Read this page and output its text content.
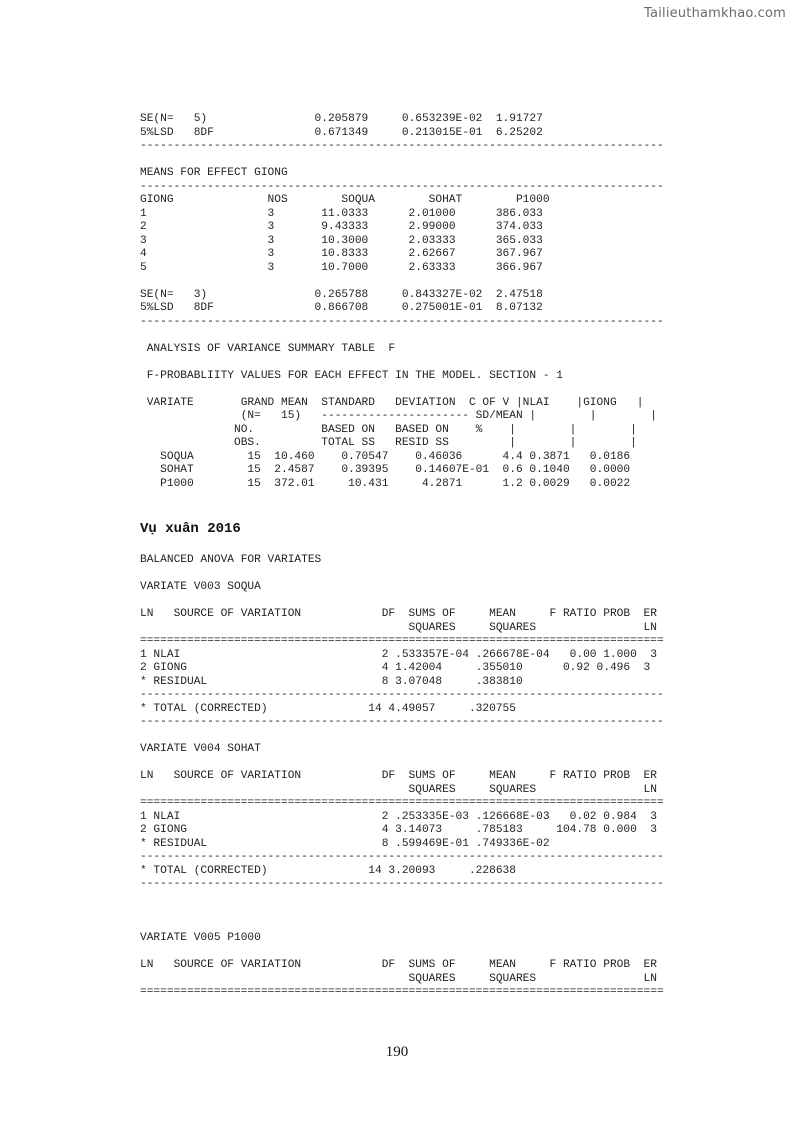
Tailieuthamkhao.com
SE(N=   5)                0.205879     0.653239E-02  1.91727
5%LSD   8DF               0.671349     0.213015E-01  6.25202
------------------------------------------------------------------------------

MEANS FOR EFFECT GIONG
------------------------------------------------------------------------------
GIONG              NOS        SOQUA        SOHAT        P1000
1                  3       11.0333      2.01000      386.033
2                  3       9.43333      2.99000      374.033
3                  3       10.3000      2.03333      365.033
4                  3       10.8333      2.62667      367.967
5                  3       10.7000      2.63333      366.967

SE(N=   3)                0.265788     0.843327E-02  2.47518
5%LSD   8DF               0.866708     0.275001E-01  8.07132
------------------------------------------------------------------------------

ANALYSIS OF VARIANCE SUMMARY TABLE  F

F-PROBABLIITY VALUES FOR EACH EFFECT IN THE MODEL. SECTION - 1

VARIATE       GRAND MEAN  STANDARD   DEVIATION  C OF V |NLAI    |GIONG   |
(N=   15)   ---------------------- SD/MEAN |        |        |
NO.          BASED ON   BASED ON    %    |        |        |
OBS.         TOTAL SS   RESID SS         |        |        |
SOQUA        15  10.460    0.70547    0.46036      4.4 0.3871   0.0186
SOHAT        15  2.4587    0.39395    0.14607E-01  0.6 0.1040   0.0000
P1000        15  372.01     10.431     4.2871      1.2 0.0029   0.0022

Vụ xuân 2016
BALANCED ANOVA FOR VARIATES

VARIATE V003 SOQUA

LN   SOURCE OF VARIATION            DF  SUMS OF     MEAN     F RATIO PROB  ER
SQUARES     SQUARES                LN
==============================================================================
1 NLAI                              2 .533357E-04 .266678E-04   0.00 1.000  3
2 GIONG                             4 1.42004     .355010      0.92 0.496  3
* RESIDUAL                          8 3.07048     .383810
------------------------------------------------------------------------------
* TOTAL (CORRECTED)               14 4.49057     .320755
------------------------------------------------------------------------------

VARIATE V004 SOHAT

LN   SOURCE OF VARIATION            DF  SUMS OF     MEAN     F RATIO PROB  ER
SQUARES     SQUARES                LN
==============================================================================
1 NLAI                              2 .253335E-03 .126668E-03   0.02 0.984  3
2 GIONG                             4 3.14073     .785183     104.78 0.000  3
* RESIDUAL                          8 .599469E-01 .749336E-02
------------------------------------------------------------------------------
* TOTAL (CORRECTED)               14 3.20093     .228638
------------------------------------------------------------------------------

VARIATE V005 P1000

LN   SOURCE OF VARIATION            DF  SUMS OF     MEAN     F RATIO PROB  ER
SQUARES     SQUARES                LN
==============================================================================

190
